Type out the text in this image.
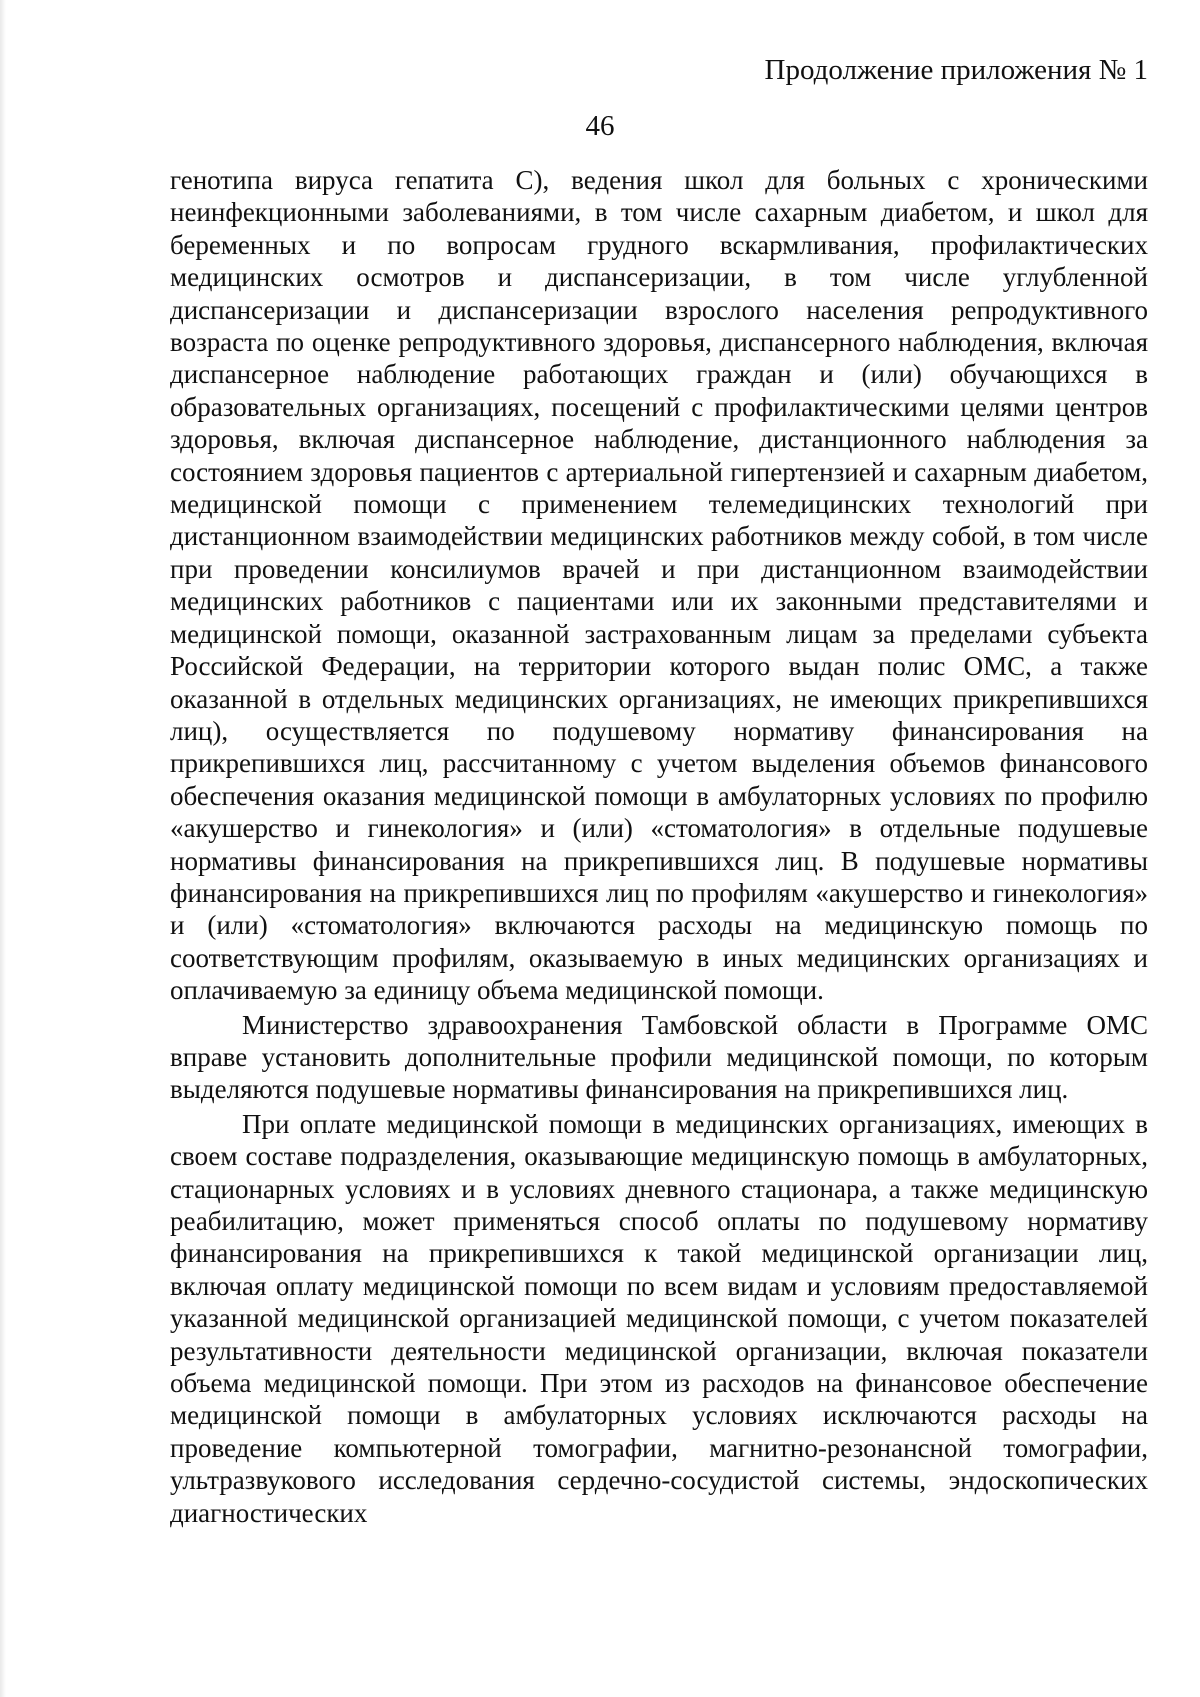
Продолжение приложения № 1
46

генотипа вируса гепатита С), ведения школ для больных с хроническими неинфекционными заболеваниями, в том числе сахарным диабетом, и школ для беременных и по вопросам грудного вскармливания, профилактических медицинских осмотров и диспансеризации, в том числе углубленной диспансеризации и диспансеризации взрослого населения репродуктивного возраста по оценке репродуктивного здоровья, диспансерного наблюдения, включая диспансерное наблюдение работающих граждан и (или) обучающихся в образовательных организациях, посещений с профилактическими целями центров здоровья, включая диспансерное наблюдение, дистанционного наблюдения за состоянием здоровья пациентов с артериальной гипертензией и сахарным диабетом, медицинской помощи с применением телемедицинских технологий при дистанционном взаимодействии медицинских работников между собой, в том числе при проведении консилиумов врачей и при дистанционном взаимодействии медицинских работников с пациентами или их законными представителями и медицинской помощи, оказанной застрахованным лицам за пределами субъекта Российской Федерации, на территории которого выдан полис ОМС, а также оказанной в отдельных медицинских организациях, не имеющих прикрепившихся лиц), осуществляется по подушевому нормативу финансирования на прикрепившихся лиц, рассчитанному с учетом выделения объемов финансового обеспечения оказания медицинской помощи в амбулаторных условиях по профилю «акушерство и гинекология» и (или) «стоматология» в отдельные подушевые нормативы финансирования на прикрепившихся лиц. В подушевые нормативы финансирования на прикрепившихся лиц по профилям «акушерство и гинекология» и (или) «стоматология» включаются расходы на медицинскую помощь по соответствующим профилям, оказываемую в иных медицинских организациях и оплачиваемую за единицу объема медицинской помощи.

Министерство здравоохранения Тамбовской области в Программе ОМС вправе установить дополнительные профили медицинской помощи, по которым выделяются подушевые нормативы финансирования на прикрепившихся лиц.

При оплате медицинской помощи в медицинских организациях, имеющих в своем составе подразделения, оказывающие медицинскую помощь в амбулаторных, стационарных условиях и в условиях дневного стационара, а также медицинскую реабилитацию, может применяться способ оплаты по подушевому нормативу финансирования на прикрепившихся к такой медицинской организации лиц, включая оплату медицинской помощи по всем видам и условиям предоставляемой указанной медицинской организацией медицинской помощи, с учетом показателей результативности деятельности медицинской организации, включая показатели объема медицинской помощи. При этом из расходов на финансовое обеспечение медицинской помощи в амбулаторных условиях исключаются расходы на проведение компьютерной томографии, магнитно-резонансной томографии, ультразвукового исследования сердечно-сосудистой системы, эндоскопических диагностических
